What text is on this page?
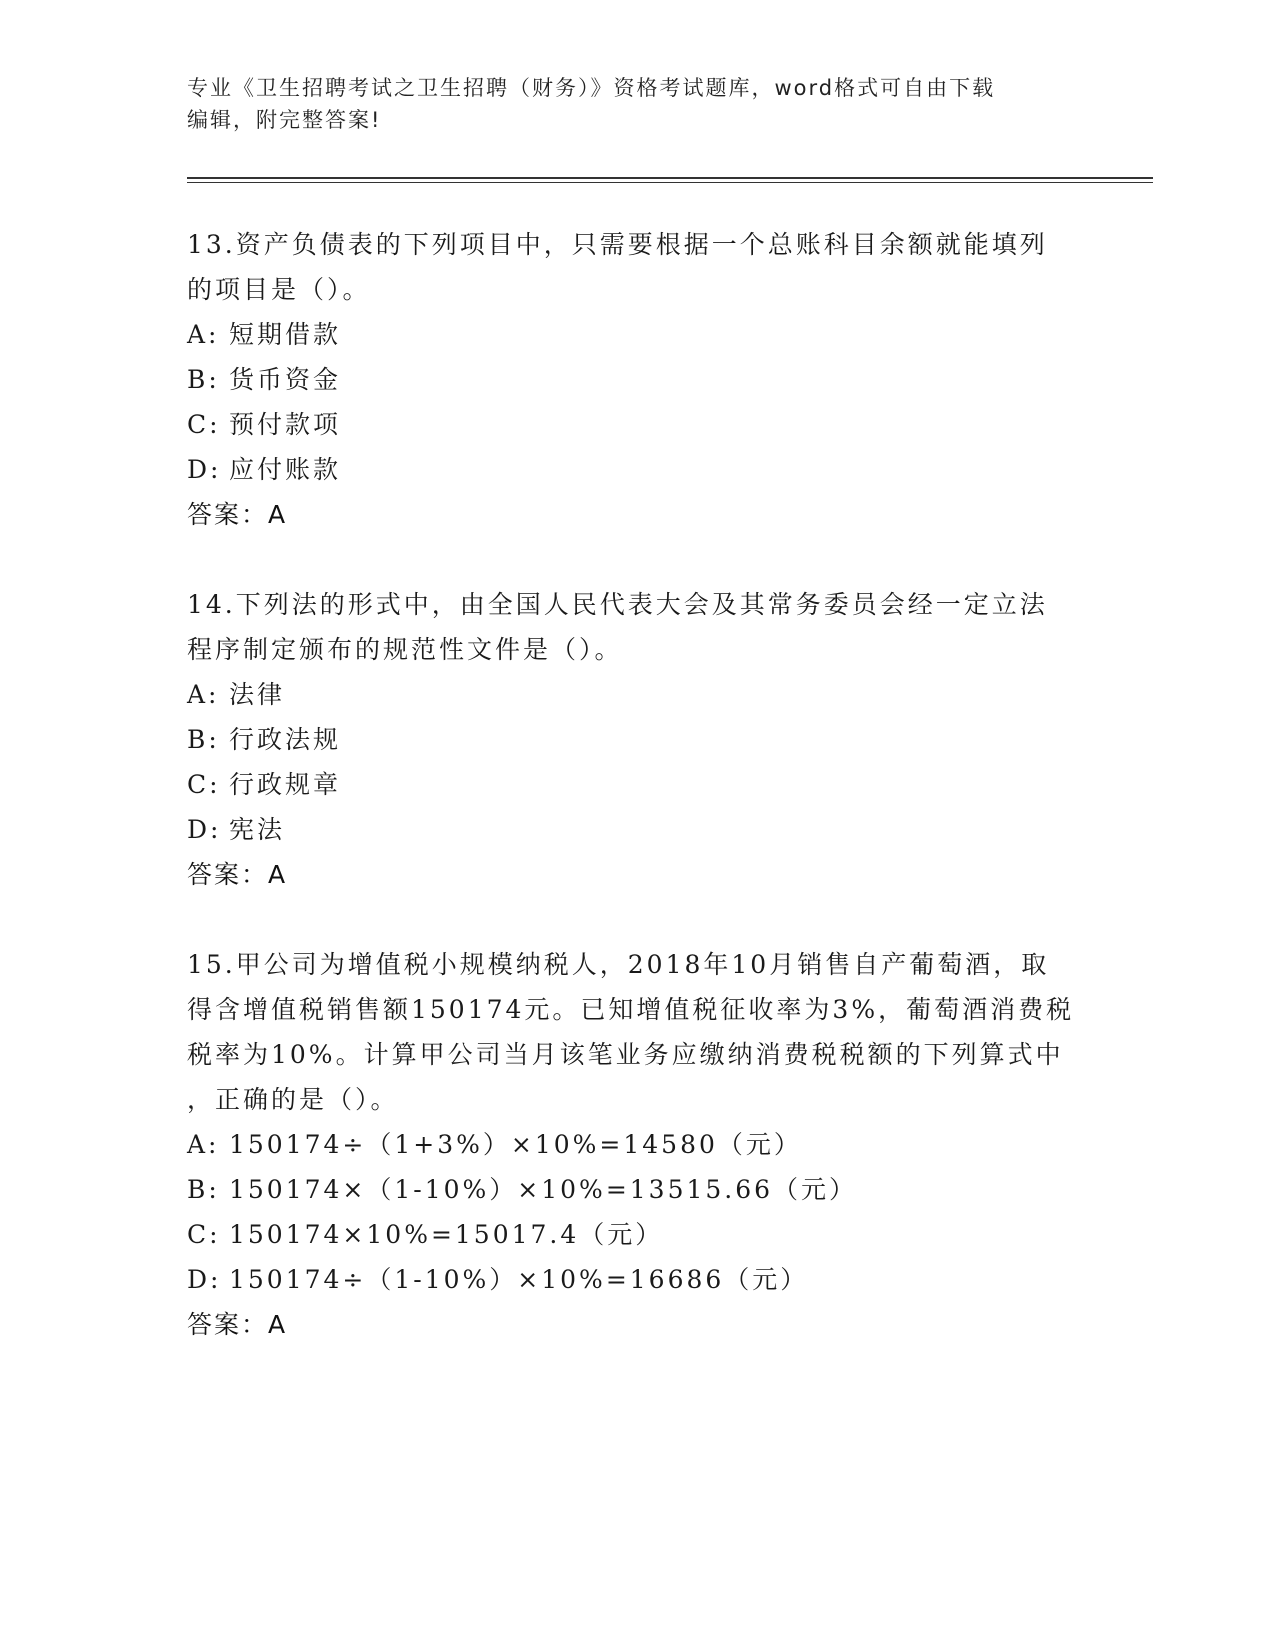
专业《卫生招聘考试之卫生招聘（财务）》资格考试题库，word格式可自由下载
编辑，附完整答案!

13.资产负债表的下列项目中，只需要根据一个总账科目余额就能填列

的项目是（）。

A: 短期借款

B: 货币资金

C: 预付款项

D: 应付账款

答案：A

14.下列法的形式中，由全国人民代表大会及其常务委员会经一定立法

程序制定颁布的规范性文件是（）。

A: 法律

B: 行政法规

C: 行政规章

D: 宪法

答案：A

15.甲公司为增值税小规模纳税人，2018年10月销售自产葡萄酒，取

得含增值税销售额150174元。已知增值税征收率为3%，葡萄酒消费税

税率为10%。计算甲公司当月该笔业务应缴纳消费税税额的下列算式中

，正确的是（）。

A: 150174÷（1+3%）×10%=14580（元）

B: 150174×（1-10%）×10%=13515.66（元）

C: 150174×10%=15017.4（元）

D: 150174÷（1-10%）×10%=16686（元）

答案：A
